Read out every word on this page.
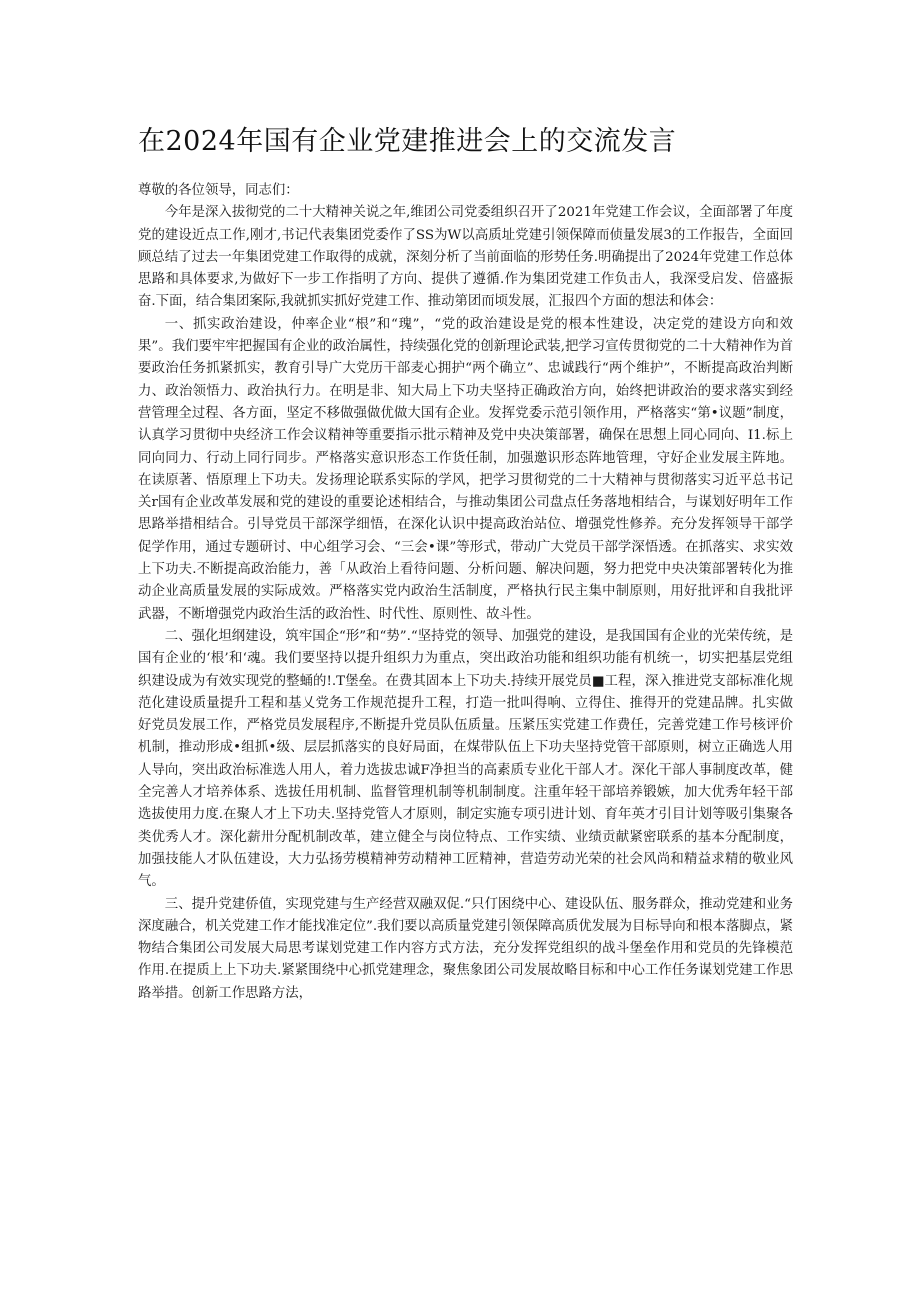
在2024年国有企业党建推进会上的交流发言

尊敬的各位领导，同志们：

今年是深入拔彻党的二十大精神关说之年,维团公司党委组织召开了2021年党建工作会议，全面部署了年度党的建设近点工作,刚才,书记代表集团党委作了SS为W以高质址党建引领保障而侦量发展3的工作报告，全面回顾总结了过去一年集团党建工作取得的成就，深刻分析了当前面临的形势任务.明确提出了2024年党建工作总体思路和具体要求,为做好下一步工作指明了方向、提供了遵循.作为集团党建工作负击人，我深受启发、倍盛振奋.下面，结合集团案际,我就抓实抓好党建工作、推动第团而顷发展，汇报四个方面的想法和体会：

一、抓实政治建设，仲率企业“根”和“瑰”，“党的政治建设是党的根本性建设，决定党的建设方向和效果”。我们要牢牢把握国有企业的政治属性，持续强化党的创新理论武装,把学习宣传贯彻党的二十大精神作为首要政治任务抓紧抓实，教育引导广大党历干部麦心拥护“两个确立”、忠诚践行“两个维护”，不断提高政治判断力、政治领悟力、政治执行力。在明是非、知大局上下功夫坚持正确政治方向，始终把讲政治的要求落实到经营管理全过程、各方面，坚定不移做强做优做大国有企业。发挥党委示范引领作用，严格落实“第•议题”制度，认真学习贯彻中央经济工作会议精神等重要指示批示精神及党中央决策部署，确保在思想上同心同向、I1.标上同向同力、行动上同行同步。严格落实意识形态工作货任制，加强邀识形态阵地管理，守好企业发展主阵地。在读原著、悟原理上下功夫。发扬理论联系实际的学风，把学习贯彻党的二十大精神与贯彻落实习近平总书记关r国有企业改革发展和党的建设的重要论述相结合，与推动集团公司盘点任务落地相结合，与谋划好明年工作思路举措相结合。引导党员干部深学细悟，在深化认识中提高政治站位、增强党性修养。充分发挥领导干部学促学作用，通过专题研讨、中心组学习会、“三会•课”等形式，带动广大党员干部学深悟透。在抓落实、求实效上下功夫.不断提高政治能力，善「从政治上看待问题、分析问题、解决问题，努力把党中央决策部署转化为推动企业高质量发展的实际成效。严格落实党内政治生活制度，严格执行民主集中制原则，用好批评和自我批评武器，不断增强党内政治生活的政治性、时代性、原则性、故斗性。

二、强化坦纲建设，筑牢国企“形”和“势”.“坚持党的领导、加强党的建设，是我国国有企业的光荣传统，是国有企业的‘根’和‘魂。我们要坚持以提升组织力为重点，突出政治功能和组织功能有机统一，切实把基层党组织建设成为有效实现党的整蛹的!.T堡垒。在费其固本上下功夫.持续开展党员■工程，深入推进党支部标准化规范化建设质量提升工程和基乂党务工作规范提升工程，打造一批叫得响、立得住、推得开的党建品牌。扎实做好党员发展工作，严格党员发展程序,不断提升党员队伍质量。压紧压实党建工作费任，完善党建工作号核评价机制，推动形成•组抓•级、层层抓落实的良好局面，在煤带队伍上下功夫坚持党管干部原则，树立正确选人用人导向，突出政治标准选人用人，着力选拔忠诚F净担当的高素质专业化干部人才。深化干部人事制度改革，健全完善人才培养体系、选拔任用机制、监督管理机制等机制制度。注重年轻干部培养锻嫉，加大优秀年轻干部选拔使用力度.在聚人才上下功夫.坚持党管人才原则，制定实施专项引进计划、育年英才引目计划等吸引集聚各类优秀人才。深化薪卅分配机制改革，建立健全与岗位特点、工作实绩、业绩贡献紧密联系的基本分配制度，加强技能人才队伍建设，大力弘扬劳模精神劳动精神工匠精神，营造劳动光荣的社会风尚和精益求精的敬业风气。

三、提升党建侨值，实现党建与生产经营双融双促.“只仃困绕中心、建设队伍、服务群众，推动党建和业务深度融合，机关党建工作才能找准定位”.我们要以高质量党建引领保障高质优发展为目标导向和根本落脚点，紧物结合集团公司发展大局思考谋划党建工作内容方式方法，充分发挥党组织的战斗堡垒作用和党员的先锋模范作用.在提质上上下功夫.紧紧围绕中心抓党建理念，聚焦象团公司发展故略目标和中心工作任务谋划党建工作思路举措。创新工作思路方法，
